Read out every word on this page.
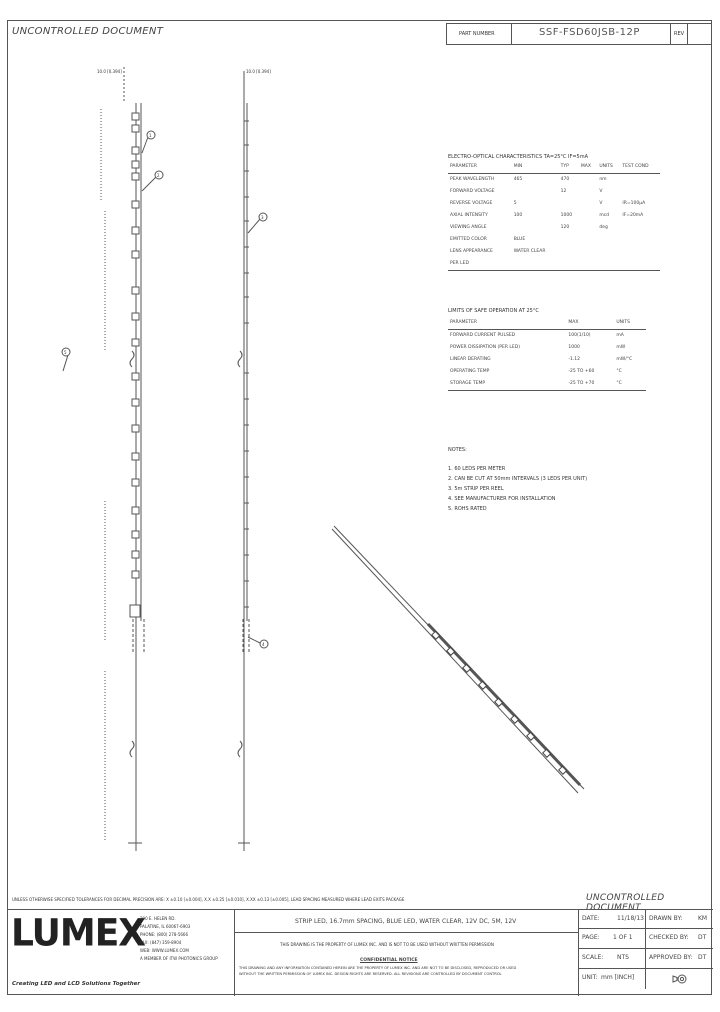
UNCONTROLLED DOCUMENT	PART NUMBER	SSF-FSD60JSB-12P	REV
1
2
3
4
5
10.0 [0.394]	10.0 [0.394]
ELECTRO-OPTICAL CHARACTERISTICS TA=25°C IF=5mA
PARAMETER	MIN	TYP	MAX	UNITS	TEST COND
PEAK WAVELENGTH	465	470		nm	
FORWARD VOLTAGE		12		V	
REVERSE VOLTAGE	5			V	IR=100μA
AXIAL INTENSITY	100	1000		mcd	IF=20mA
VIEWING ANGLE		120		deg	
EMITTED COLOR	BLUE				
LENS APPEARANCE	WATER CLEAR				
PER LED					
LIMITS OF SAFE OPERATION AT 25°C
PARAMETER	MAX	UNITS
FORWARD CURRENT PULSED	100(1/10)	mA
POWER DISSIPATION (PER LED)	1000	mW
LINEAR DERATING	-1.12	mW/°C
OPERATING TEMP	-25 TO +60	°C
STORAGE TEMP	-25 TO +70	°C
NOTES:
1. 60 LEDS PER METER
2. CAN BE CUT AT 50mm INTERVALS (3 LEDS PER UNIT)
3. 5m STRIP PER REEL
4. SEE MANUFACTURER FOR INSTALLATION
5. ROHS RATED
UNLESS OTHERWISE SPECIFIED TOLERANCES FOR DECIMAL PRECISION ARE: X ±0.10 [±0.004], X.X ±0.25 [±0.010], X.XX ±0.13 [±0.005], LEAD SPACING MEASURED WHERE LEAD EXITS PACKAGE	UNCONTROLLED DOCUMENT
LUMEX
Creating LED and LCD Solutions Together
290 E. HELEN RD.
PALATINE, IL 60067-6903
PHONE: (800) 278-5666
FAX: (847) 359-8904
WEB: WWW.LUMEX.COM
A MEMBER OF ITW PHOTONICS GROUP
STRIP LED, 16.7mm SPACING, BLUE LED, WATER CLEAR, 12V DC, 5M, 12V
THIS DRAWING IS THE PROPERTY OF LUMEX INC. AND IS NOT TO BE USED WITHOUT WRITTEN PERMISSION
CONFIDENTIAL NOTICE
THIS DRAWING AND ANY INFORMATION CONTAINED HEREIN ARE THE PROPERTY OF LUMEX INC. AND ARE NOT TO BE DISCLOSED, REPRODUCED OR USED
WITHOUT THE WRITTEN PERMISSION OF LUMEX INC. DESIGN RIGHTS ARE RESERVED. ALL REVISIONS ARE CONTROLLED BY DOCUMENT CONTROL
DATE:	11/18/13 DRAWN BY:	KM
PAGE: 1 OF 1	CHECKED BY: DT
SCALE: NTS	APPROVED BY: DT
UNIT: mm [INCH]
